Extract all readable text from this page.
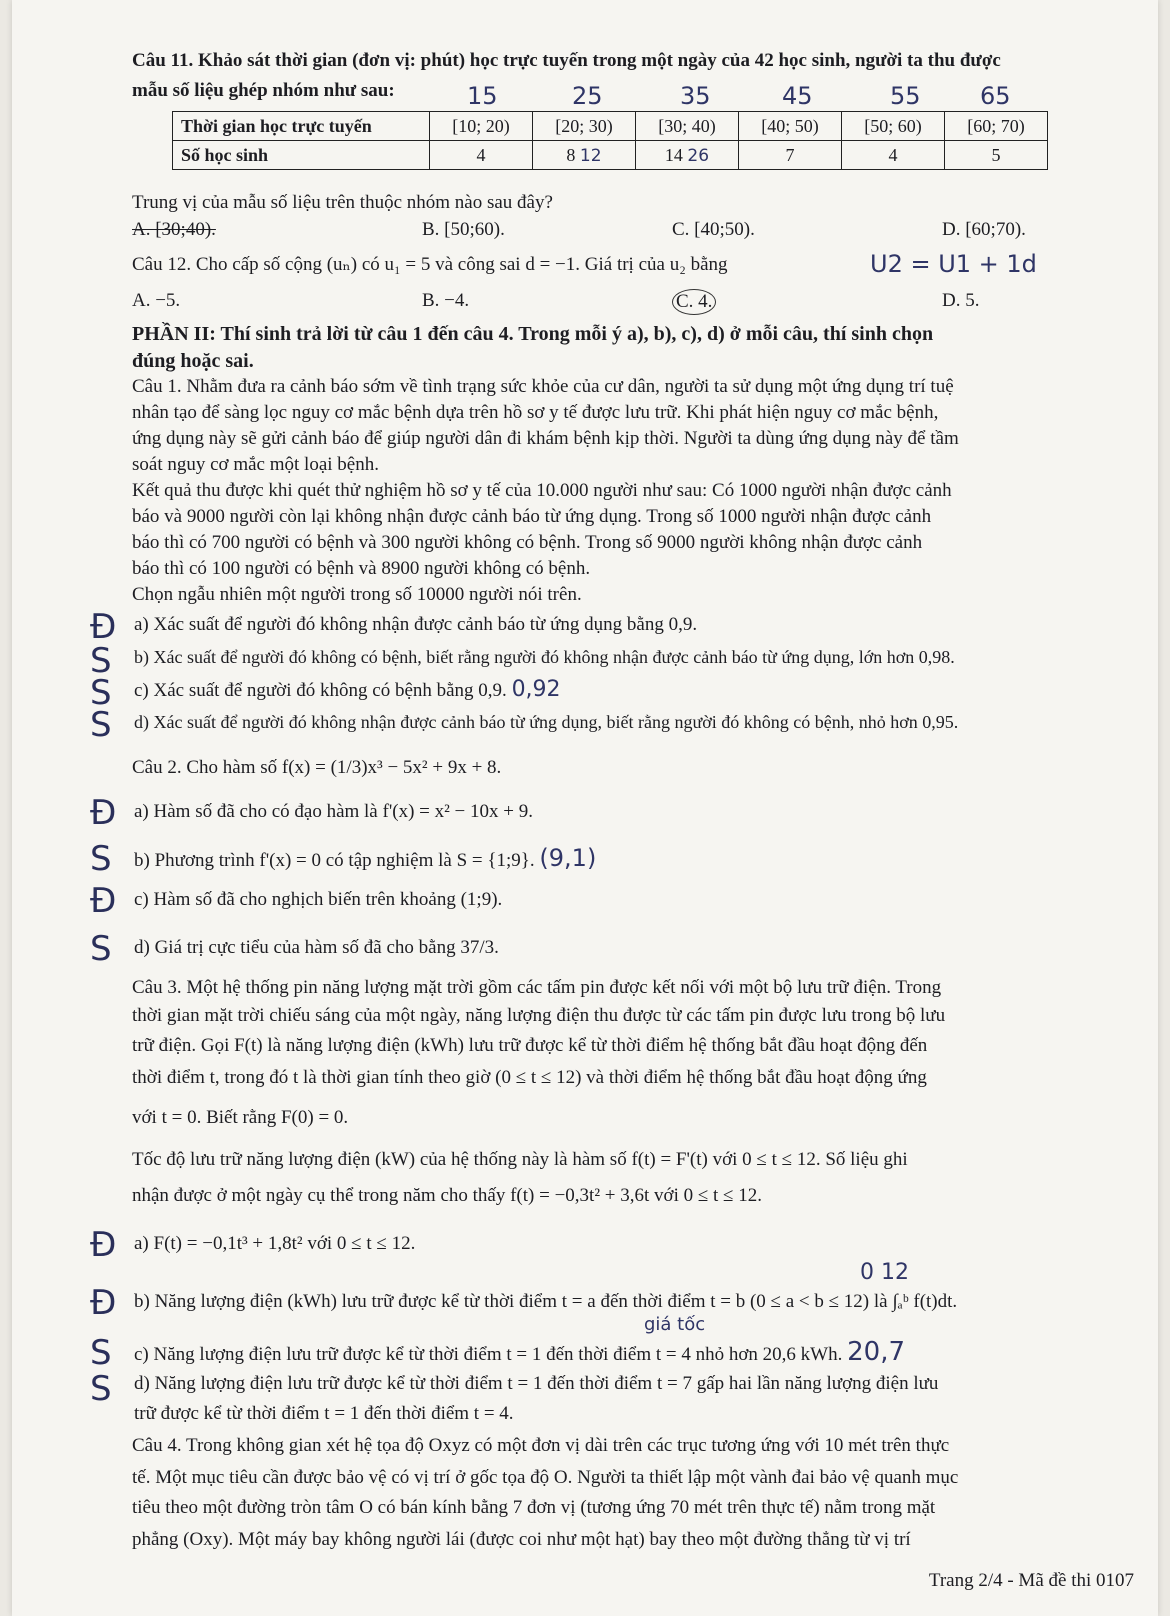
Câu 11. Khảo sát thời gian (đơn vị: phút) học trực tuyến trong một ngày của 42 học sinh, người ta thu được
mẫu số liệu ghép nhóm như sau:	15	25	35	45	55 65
Thời gian học trực tuyến	[10; 20)	[20; 30)	[30; 40)	[40; 50)	[50; 60)	[60; 70)
Số học sinh	4	8 12	14 26	7	4	5
Trung vị của mẫu số liệu trên thuộc nhóm nào sau đây?
A. [30;40).	B. [50;60).	C. [40;50).	D. [60;70).
Câu 12. Cho cấp số cộng (uₙ) có u₁ = 5 và công sai d = −1. Giá trị của u₂ bằng	U2 = U1 + 1d
A. −5.	B. −4.	C. 4.	D. 5.
PHẦN II: Thí sinh trả lời từ câu 1 đến câu 4. Trong mỗi ý a), b), c), d) ở mỗi câu, thí sinh chọn
đúng hoặc sai.
Câu 1. Nhằm đưa ra cảnh báo sớm về tình trạng sức khỏe của cư dân, người ta sử dụng một ứng dụng trí tuệ
nhân tạo để sàng lọc nguy cơ mắc bệnh dựa trên hồ sơ y tế được lưu trữ. Khi phát hiện nguy cơ mắc bệnh,
ứng dụng này sẽ gửi cảnh báo để giúp người dân đi khám bệnh kịp thời. Người ta dùng ứng dụng này để tầm
soát nguy cơ mắc một loại bệnh.
Kết quả thu được khi quét thử nghiệm hồ sơ y tế của 10.000 người như sau: Có 1000 người nhận được cảnh
báo và 9000 người còn lại không nhận được cảnh báo từ ứng dụng. Trong số 1000 người nhận được cảnh
báo thì có 700 người có bệnh và 300 người không có bệnh. Trong số 9000 người không nhận được cảnh
báo thì có 100 người có bệnh và 8900 người không có bệnh.
Chọn ngẫu nhiên một người trong số 10000 người nói trên.
Đ a) Xác suất để người đó không nhận được cảnh báo từ ứng dụng bằng 0,9.
S b) Xác suất để người đó không có bệnh, biết rằng người đó không nhận được cảnh báo từ ứng dụng, lớn hơn 0,98.
S c) Xác suất để người đó không có bệnh bằng 0,9. 0,92
S d) Xác suất để người đó không nhận được cảnh báo từ ứng dụng, biết rằng người đó không có bệnh, nhỏ hơn 0,95.
Câu 2. Cho hàm số f(x) = (1/3)x³ − 5x² + 9x + 8.
Đ a) Hàm số đã cho có đạo hàm là f'(x) = x² − 10x + 9.
S b) Phương trình f'(x) = 0 có tập nghiệm là S = {1;9}. (9,1)
Đ c) Hàm số đã cho nghịch biến trên khoảng (1;9).
S d) Giá trị cực tiểu của hàm số đã cho bằng 37/3.
Câu 3. Một hệ thống pin năng lượng mặt trời gồm các tấm pin được kết nối với một bộ lưu trữ điện. Trong
thời gian mặt trời chiếu sáng của một ngày, năng lượng điện thu được từ các tấm pin được lưu trong bộ lưu
trữ điện. Gọi F(t) là năng lượng điện (kWh) lưu trữ được kể từ thời điểm hệ thống bắt đầu hoạt động đến
thời điểm t, trong đó t là thời gian tính theo giờ (0 ≤ t ≤ 12) và thời điểm hệ thống bắt đầu hoạt động ứng
với t = 0. Biết rằng F(0) = 0.
Tốc độ lưu trữ năng lượng điện (kW) của hệ thống này là hàm số f(t) = F'(t) với 0 ≤ t ≤ 12. Số liệu ghi
nhận được ở một ngày cụ thể trong năm cho thấy f(t) = −0,3t² + 3,6t với 0 ≤ t ≤ 12.
Đ a) F(t) = −0,1t³ + 1,8t² với 0 ≤ t ≤ 12.
0 12
Đ b) Năng lượng điện (kWh) lưu trữ được kể từ thời điểm t = a đến thời điểm t = b (0 ≤ a < b ≤ 12) là ∫ₐᵇ f(t)dt.
giá tốc
S c) Năng lượng điện lưu trữ được kể từ thời điểm t = 1 đến thời điểm t = 4 nhỏ hơn 20,6 kWh. 20,7
S d) Năng lượng điện lưu trữ được kể từ thời điểm t = 1 đến thời điểm t = 7 gấp hai lần năng lượng điện lưu
trữ được kể từ thời điểm t = 1 đến thời điểm t = 4.
Câu 4. Trong không gian xét hệ tọa độ Oxyz có một đơn vị dài trên các trục tương ứng với 10 mét trên thực
tế. Một mục tiêu cần được bảo vệ có vị trí ở gốc tọa độ O. Người ta thiết lập một vành đai bảo vệ quanh mục
tiêu theo một đường tròn tâm O có bán kính bằng 7 đơn vị (tương ứng 70 mét trên thực tế) nằm trong mặt
phẳng (Oxy). Một máy bay không người lái (được coi như một hạt) bay theo một đường thẳng từ vị trí
Trang 2/4 - Mã đề thi 0107
